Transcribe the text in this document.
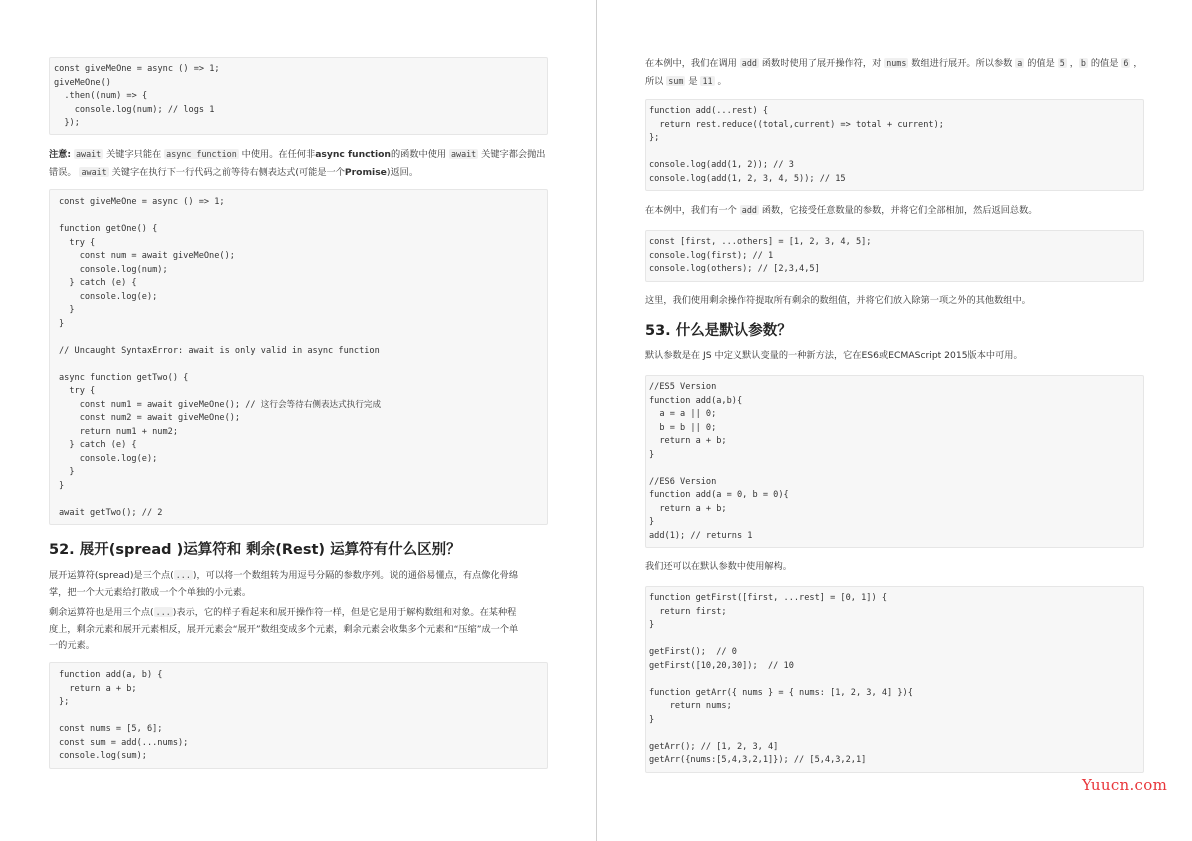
const giveMeOne = async () => 1;
giveMeOne()
.then((num) => {
console.log(num); // logs 1
});
注意: await 关键字只能在 async function 中使用。在任何非async function的函数中使用 await 关键字都会抛出
错误。 await 关键字在执行下一行代码之前等待右侧表达式(可能是一个Promise)返回。
const giveMeOne = async () => 1;

function getOne() {
try {
const num = await giveMeOne();
console.log(num);
} catch (e) {
console.log(e);
}
}

// Uncaught SyntaxError: await is only valid in async function

async function getTwo() {
try {
const num1 = await giveMeOne(); // 这行会等待右侧表达式执行完成
const num2 = await giveMeOne();
return num1 + num2;
} catch (e) {
console.log(e);
}
}

await getTwo(); // 2
52. 展开(spread )运算符和 剩余(Rest) 运算符有什么区别？
展开运算符(spread)是三个点( ... )，可以将一个数组转为用逗号分隔的参数序列。说的通俗易懂点，有点像化骨绵
掌，把一个大元素给打散成一个个单独的小元素。
剩余运算符也是用三个点( ... )表示，它的样子看起来和展开操作符一样，但是它是用于解构数组和对象。在某种程
度上，剩余元素和展开元素相反，展开元素会“展开”数组变成多个元素，剩余元素会收集多个元素和“压缩”成一个单
一的元素。
function add(a, b) {
return a + b;
};

const nums = [5, 6];
const sum = add(...nums);
console.log(sum);
在本例中，我们在调用 add 函数时使用了展开操作符，对 nums 数组进行展开。所以参数 a 的值是 5 ， b 的值是 6 ，
所以 sum 是 11 。
function add(...rest) {
return rest.reduce((total,current) => total + current);
};

console.log(add(1, 2)); // 3
console.log(add(1, 2, 3, 4, 5)); // 15
在本例中，我们有一个 add 函数，它接受任意数量的参数，并将它们全部相加，然后返回总数。
const [first, ...others] = [1, 2, 3, 4, 5];
console.log(first); // 1
console.log(others); // [2,3,4,5]
这里，我们使用剩余操作符提取所有剩余的数组值，并将它们放入除第一项之外的其他数组中。
53. 什么是默认参数？
默认参数是在 JS 中定义默认变量的一种新方法，它在ES6或ECMAScript 2015版本中可用。
//ES5 Version
function add(a,b){
a = a || 0;
b = b || 0;
return a + b;
}

//ES6 Version
function add(a = 0, b = 0){
return a + b;
}
add(1); // returns 1
我们还可以在默认参数中使用解构。
function getFirst([first, ...rest] = [0, 1]) {
return first;
}

getFirst();  // 0
getFirst([10,20,30]);  // 10

function getArr({ nums } = { nums: [1, 2, 3, 4] }){
return nums;
}

getArr(); // [1, 2, 3, 4]
getArr({nums:[5,4,3,2,1]}); // [5,4,3,2,1]
Yuucn.com
